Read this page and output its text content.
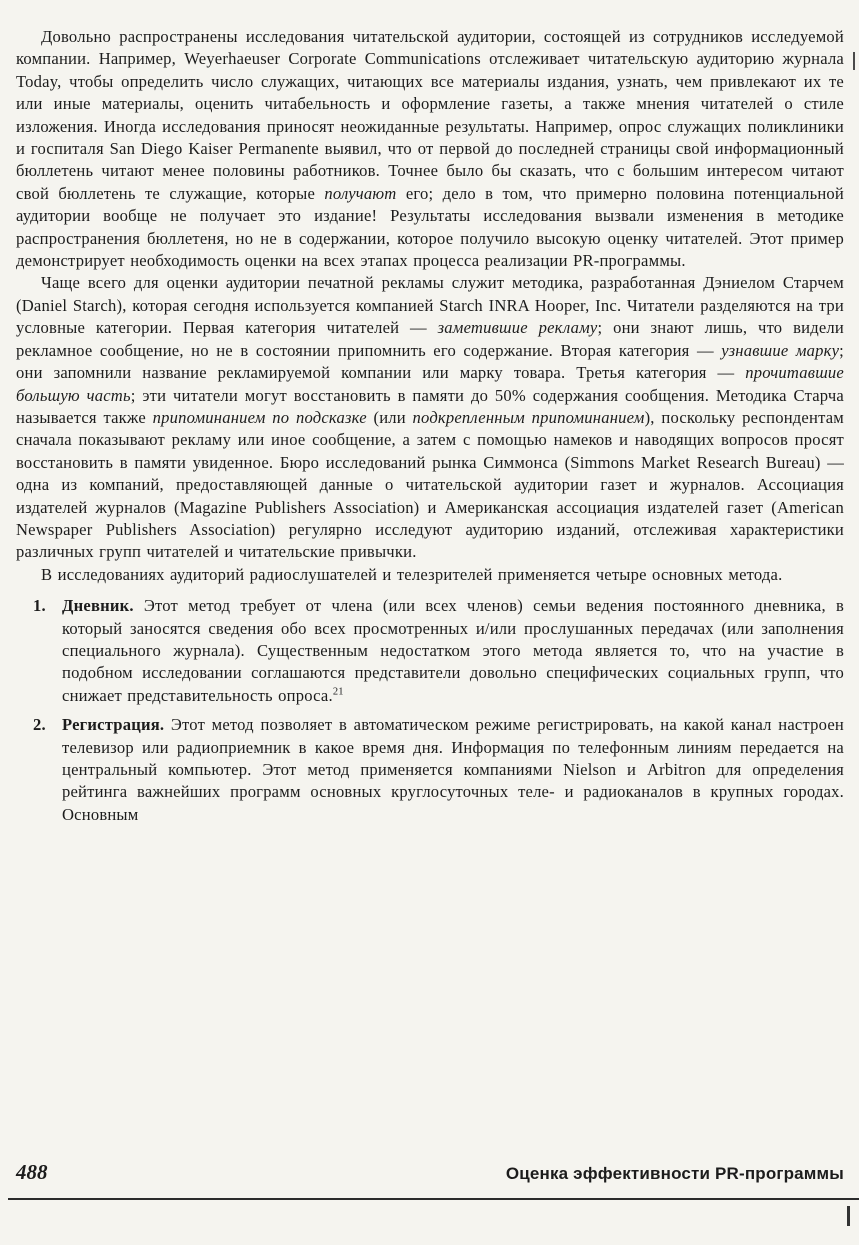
Довольно распространены исследования читательской аудитории, состоящей из сотрудников исследуемой компании. Например, Weyerhaeuser Corporate Communications отслеживает читательскую аудиторию журнала Today, чтобы определить число служащих, читающих все материалы издания, узнать, чем привлекают их те или иные материалы, оценить читабельность и оформление газеты, а также мнения читателей о стиле изложения. Иногда исследования приносят неожиданные результаты. Например, опрос служащих поликлиники и госпиталя San Diego Kaiser Permanente выявил, что от первой до последней страницы свой информационный бюллетень читают менее половины работников. Точнее было бы сказать, что с большим интересом читают свой бюллетень те служащие, которые получают его; дело в том, что примерно половина потенциальной аудитории вообще не получает это издание! Результаты исследования вызвали изменения в методике распространения бюллетеня, но не в содержании, которое получило высокую оценку читателей. Этот пример демонстрирует необходимость оценки на всех этапах процесса реализации PR-программы.

Чаще всего для оценки аудитории печатной рекламы служит методика, разработанная Дэниелом Старчем (Daniel Starch), которая сегодня используется компанией Starch INRA Hooper, Inc. Читатели разделяются на три условные категории. Первая категория читателей — заметившие рекламу; они знают лишь, что видели рекламное сообщение, но не в состоянии припомнить его содержание. Вторая категория — узнавшие марку; они запомнили название рекламируемой компании или марку товара. Третья категория — прочитавшие большую часть; эти читатели могут восстановить в памяти до 50% содержания сообщения. Методика Старча называется также припоминанием по подсказке (или подкрепленным припоминанием), поскольку респондентам сначала показывают рекламу или иное сообщение, а затем с помощью намеков и наводящих вопросов просят восстановить в памяти увиденное. Бюро исследований рынка Симмонса (Simmons Market Research Bureau) — одна из компаний, предоставляющей данные о читательской аудитории газет и журналов. Ассоциация издателей журналов (Magazine Publishers Association) и Американская ассоциация издателей газет (American Newspaper Publishers Association) регулярно исследуют аудиторию изданий, отслеживая характеристики различных групп читателей и читательские привычки.

В исследованиях аудиторий радиослушателей и телезрителей применяется четыре основных метода.

1. Дневник. Этот метод требует от члена (или всех членов) семьи ведения постоянного дневника, в который заносятся сведения обо всех просмотренных и/или прослушанных передачах (или заполнения специального журнала). Существенным недостатком этого метода является то, что на участие в подобном исследовании соглашаются представители довольно специфических социальных групп, что снижает представительность опроса.$^{21}$
2. Регистрация. Этот метод позволяет в автоматическом режиме регистрировать, на какой канал настроен телевизор или радиоприемник в какое время дня. Информация по телефонным линиям передается на центральный компьютер. Этот метод применяется компаниями Nielson и Arbitron для определения рейтинга важнейших программ основных круглосуточных теле- и радиоканалов в крупных городах. Основным
488	Оценка эффективности PR-программы
